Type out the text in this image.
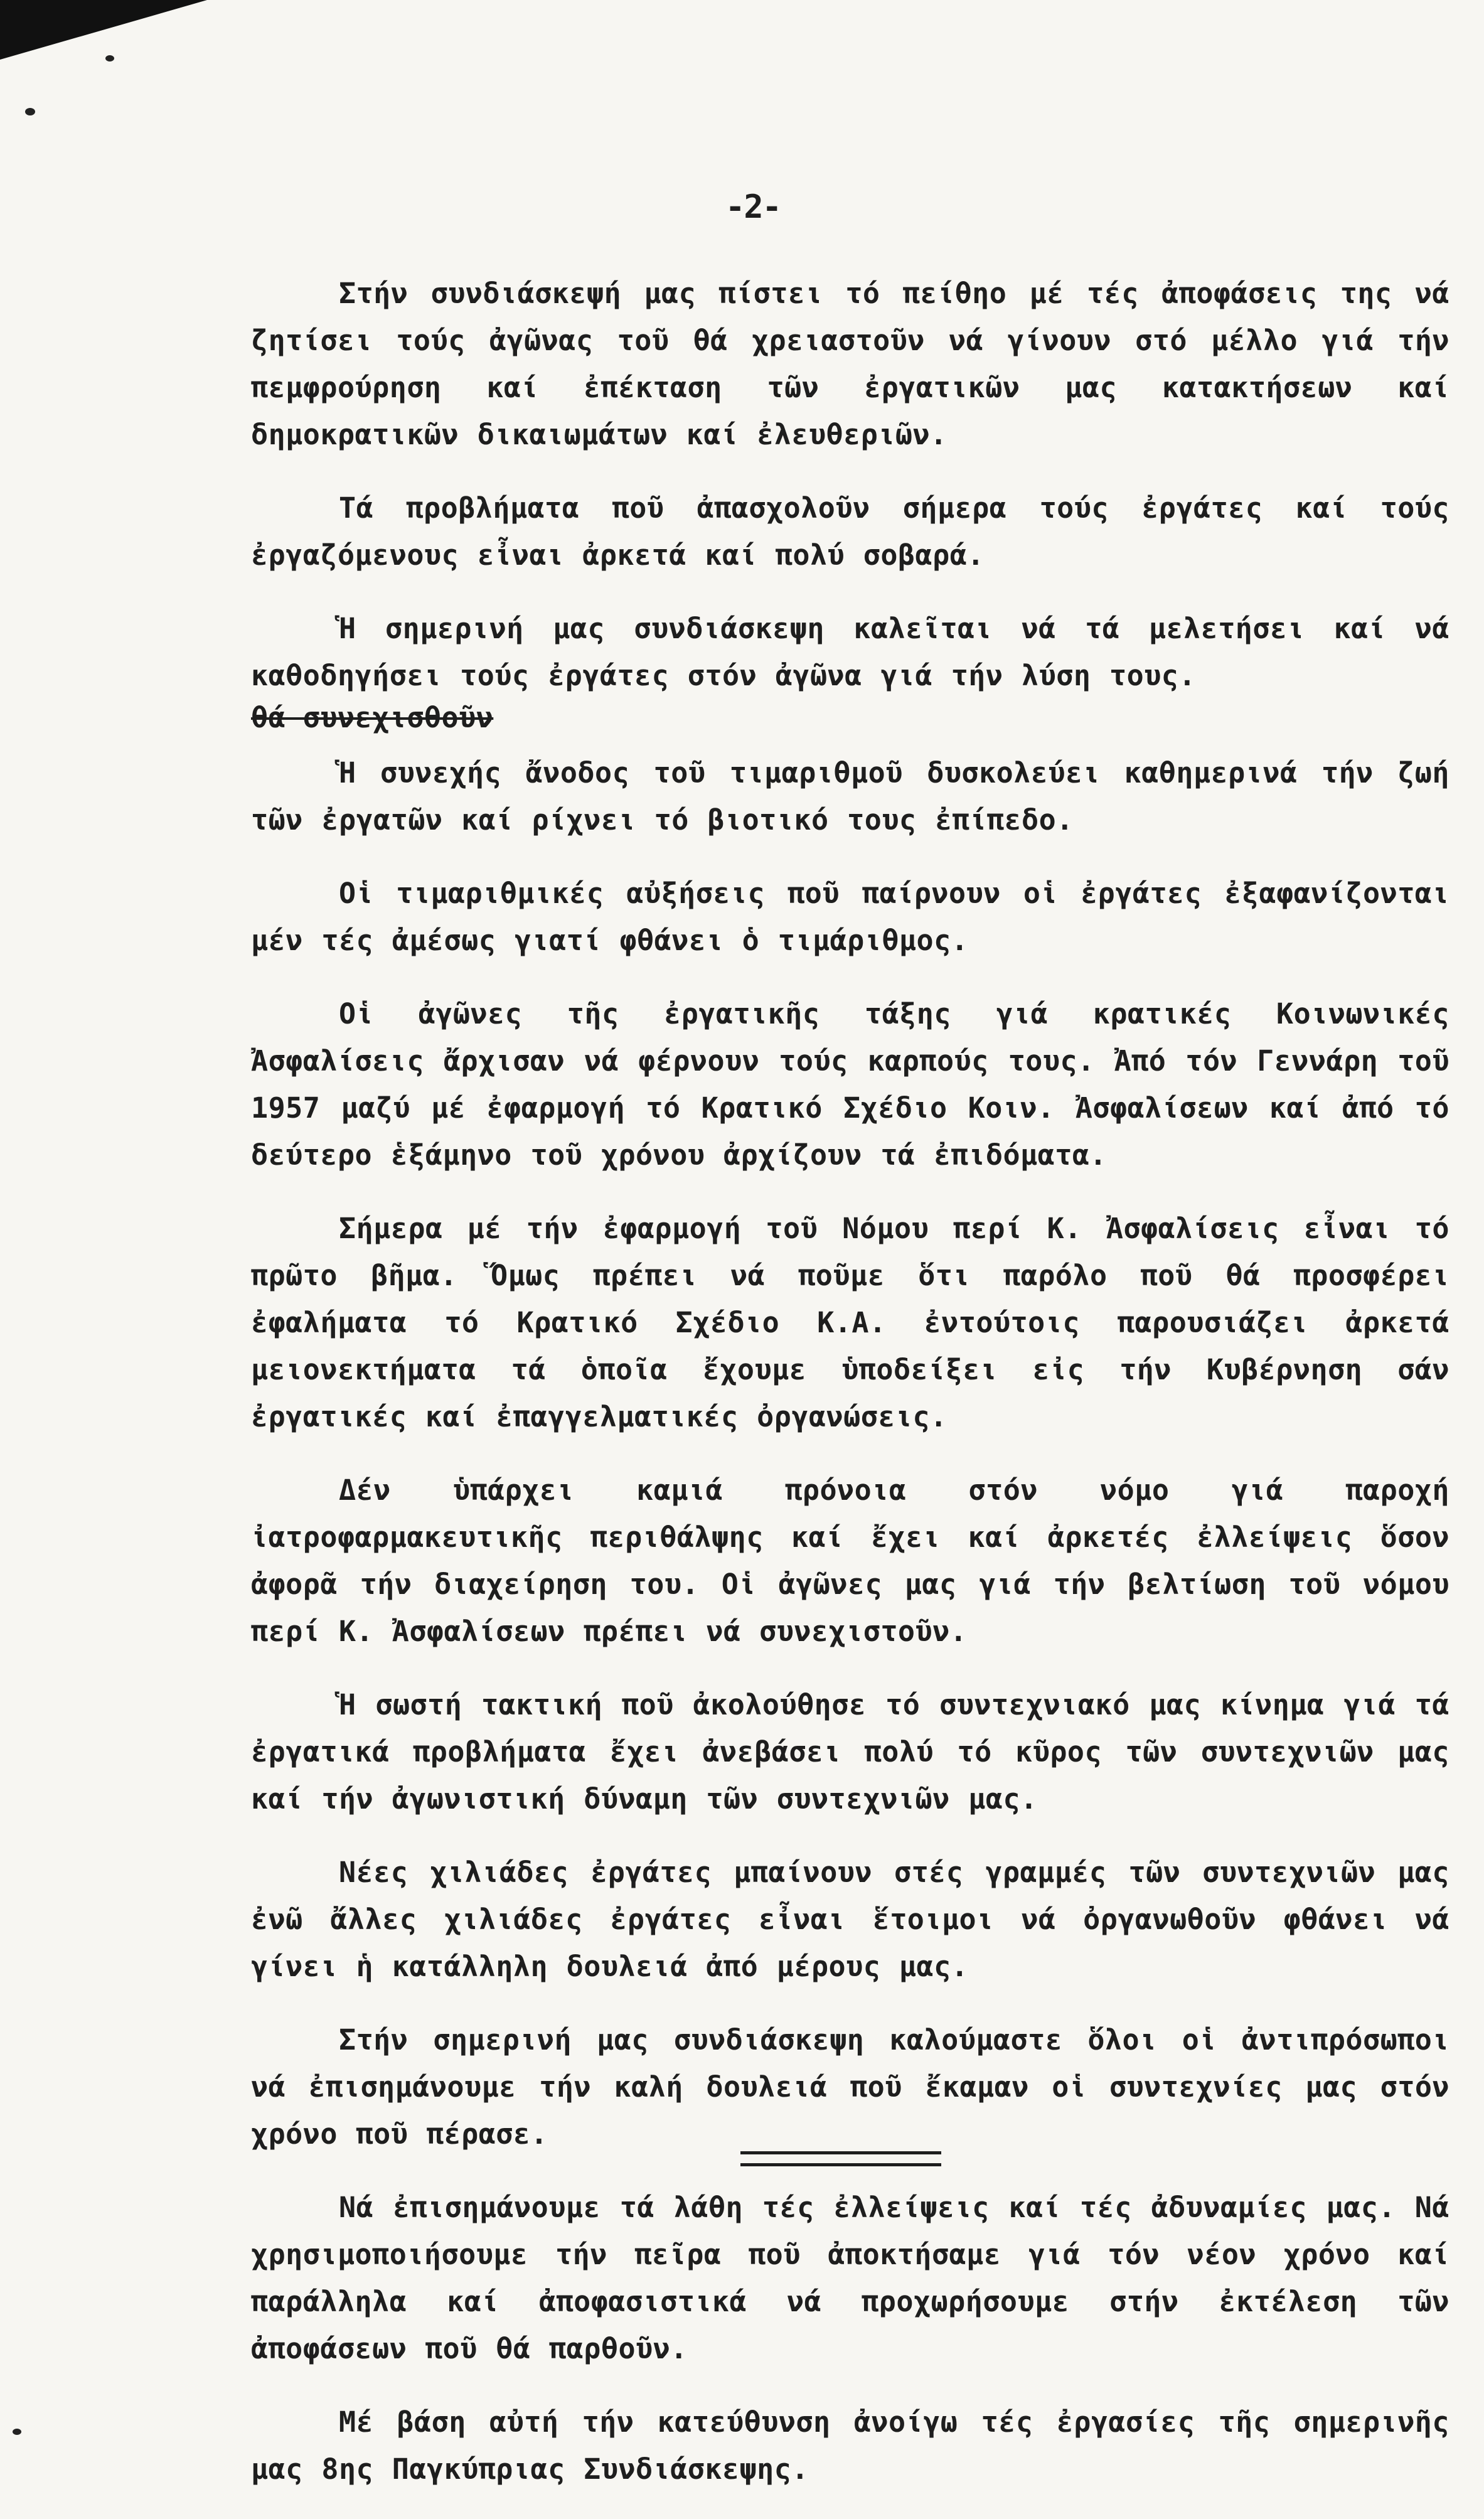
-2-

Στήν συνδιάσκεψή μας πίστει τό πείθηο μέ τές ἀποφάσεις της νά ζητίσει τούς ἀγῶνας τοῦ θά χρειαστοῦν νά γίνουν στό μέλλο γιά τήν πεμφρούρηση καί ἐπέκταση τῶν ἐργατικῶν μας κατακτήσεων καί δημοκρατικῶν δικαιωμάτων καί ἐλευθεριῶν.

Τά προβλήματα ποῦ ἀπασχολοῦν σήμερα τούς ἐργάτες καί τούς ἐργαζόμενους εἶναι ἀρκετά καί πολύ σοβαρά.

Ἡ σημερινή μας συνδιάσκεψη καλεῖται νά τά μελετήσει καί νά καθοδηγήσει τούς ἐργάτες στόν ἀγῶνα γιά τήν λύση τους.

θά συνεχισθοῦν

Ἡ συνεχής ἄνοδος τοῦ τιμαριθμοῦ δυσκολεύει καθημερινά τήν ζωή τῶν ἐργατῶν καί ρίχνει τό βιοτικό τους ἐπίπεδο.

Οἱ τιμαριθμικές αὐξήσεις ποῦ παίρνουν οἱ ἐργάτες ἐξαφανίζονται μέν τές ἀμέσως γιατί φθάνει ὁ τιμάριθμος.

Οἱ ἀγῶνες τῆς ἐργατικῆς τάξης γιά κρατικές Κοινωνικές Ἀσφαλίσεις ἄρχισαν νά φέρνουν τούς καρπούς τους. Ἀπό τόν Γεννάρη τοῦ 1957 μαζύ μέ ἐφαρμογή τό Κρατικό Σχέδιο Κοιν. Ἀσφαλίσεων καί ἀπό τό δεύτερο ἑξάμηνο τοῦ χρόνου ἀρχίζουν τά ἐπιδόματα.

Σήμερα μέ τήν ἐφαρμογή τοῦ Νόμου περί Κ. Ἀσφαλίσεις εἶναι τό πρῶτο βῆμα. Ὅμως πρέπει νά ποῦμε ὅτι παρόλο ποῦ θά προσφέρει ἐφαλήματα τό Κρατικό Σχέδιο Κ.Α. ἐντούτοις παρουσιάζει ἀρκετά μειονεκτήματα τά ὁποῖα ἔχουμε ὑποδείξει εἰς τήν Κυβέρνηση σάν ἐργατικές καί ἐπαγγελματικές ὀργανώσεις.

Δέν ὑπάρχει καμιά πρόνοια στόν νόμο γιά παροχή ἰατροφαρμακευτικῆς περιθάλψης καί ἔχει καί ἀρκετές ἐλλείψεις ὅσον ἀφορᾶ τήν διαχείρηση του. Οἱ ἀγῶνες μας γιά τήν βελτίωση τοῦ νόμου περί Κ. Ἀσφαλίσεων πρέπει νά συνεχιστοῦν.

Ἡ σωστή τακτική ποῦ ἀκολούθησε τό συντεχνιακό μας κίνημα γιά τά ἐργατικά προβλήματα ἔχει ἀνεβάσει πολύ τό κῦρος τῶν συντεχνιῶν μας καί τήν ἀγωνιστική δύναμη τῶν συντεχνιῶν μας.

Νέες χιλιάδες ἐργάτες μπαίνουν στές γραμμές τῶν συντεχνιῶν μας ἐνῶ ἄλλες χιλιάδες ἐργάτες εἶναι ἕτοιμοι νά ὀργανωθοῦν φθάνει νά γίνει ἡ κατάλληλη δουλειά ἀπό μέρους μας.

Στήν σημερινή μας συνδιάσκεψη καλούμαστε ὅλοι οἱ ἀντιπρόσωποι νά ἐπισημάνουμε τήν καλή δουλειά ποῦ ἔκαμαν οἱ συντεχνίες μας στόν χρόνο ποῦ πέρασε.

Νά ἐπισημάνουμε τά λάθη τές ἐλλείψεις καί τές ἀδυναμίες μας. Νά χρησιμοποιήσουμε τήν πεῖρα ποῦ ἀποκτήσαμε γιά τόν νέον χρόνο καί παράλληλα καί ἀποφασιστικά νά προχωρήσουμε στήν ἐκτέλεση τῶν ἀποφάσεων ποῦ θά παρθοῦν.

Μέ βάση αὐτή τήν κατεύθυνση ἀνοίγω τές ἐργασίες τῆς σημερινῆς μας 8ης Παγκύπριας Συνδιάσκεψης.
